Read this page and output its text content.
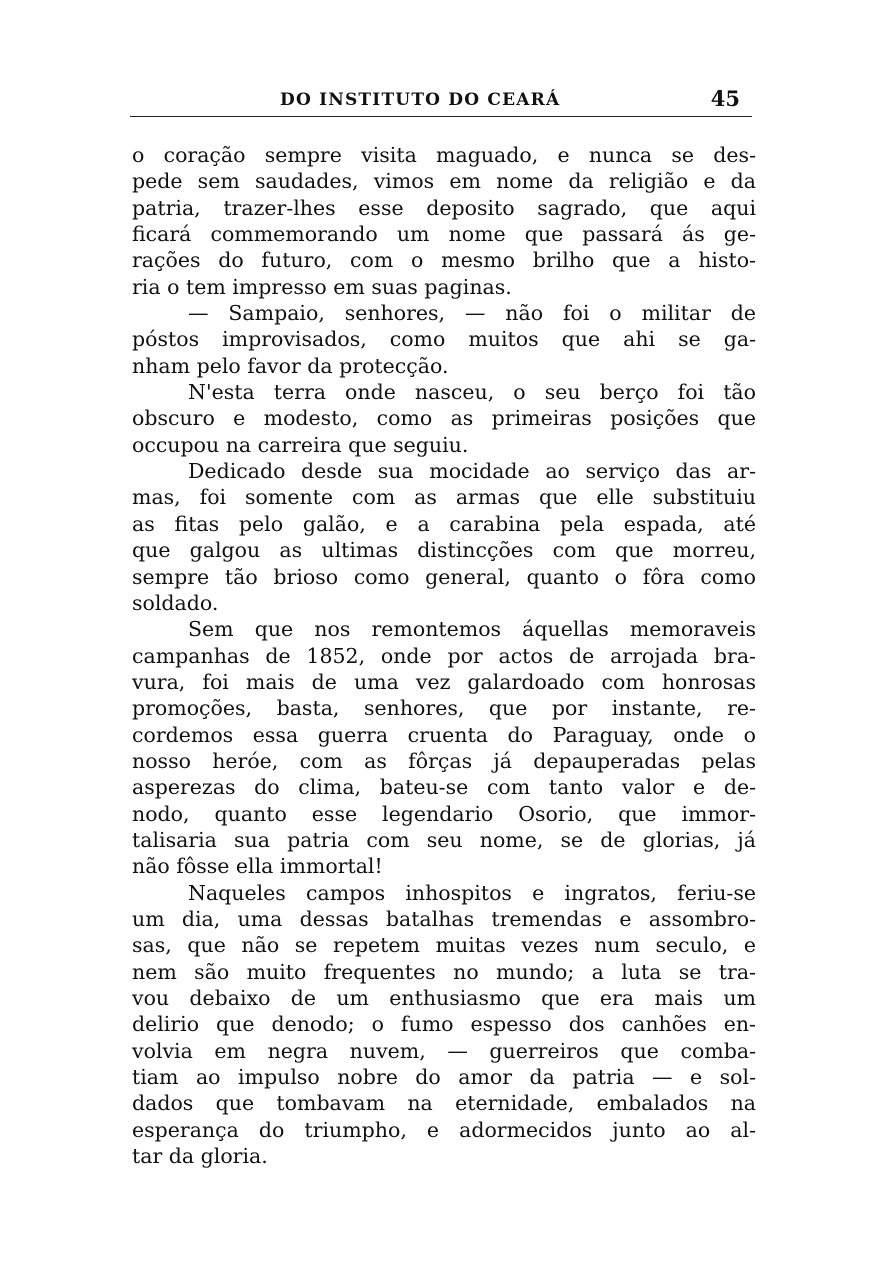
DO INSTITUTO DO CEARÁ	45
o coração sempre visita maguado, e nunca se des-
pede sem saudades, vimos em nome da religião e da
patria, trazer-lhes esse deposito sagrado, que aqui
ficará commemorando um nome que passará ás ge-
rações do futuro, com o mesmo brilho que a histo-
ria o tem impresso em suas paginas.
— Sampaio, senhores, — não foi o militar de
póstos improvisados, como muitos que ahi se ga-
nham pelo favor da protecção.
N'esta terra onde nasceu, o seu berço foi tão
obscuro e modesto, como as primeiras posições que
occupou na carreira que seguiu.
Dedicado desde sua mocidade ao serviço das ar-
mas, foi somente com as armas que elle substituiu
as fitas pelo galão, e a carabina pela espada, até
que galgou as ultimas distincções com que morreu,
sempre tão brioso como general, quanto o fôra como
soldado.
Sem que nos remontemos áquellas memoraveis
campanhas de 1852, onde por actos de arrojada bra-
vura, foi mais de uma vez galardoado com honrosas
promoções, basta, senhores, que por instante, re-
cordemos essa guerra cruenta do Paraguay, onde o
nosso heróe, com as fôrças já depauperadas pelas
asperezas do clima, bateu-se com tanto valor e de-
nodo, quanto esse legendario Osorio, que immor-
talisaria sua patria com seu nome, se de glorias, já
não fôsse ella immortal!
Naqueles campos inhospitos e ingratos, feriu-se
um dia, uma dessas batalhas tremendas e assombro-
sas, que não se repetem muitas vezes num seculo, e
nem são muito frequentes no mundo; a luta se tra-
vou debaixo de um enthusiasmo que era mais um
delirio que denodo; o fumo espesso dos canhões en-
volvia em negra nuvem, — guerreiros que comba-
tiam ao impulso nobre do amor da patria — e sol-
dados que tombavam na eternidade, embalados na
esperança do triumpho, e adormecidos junto ao al-
tar da gloria.
